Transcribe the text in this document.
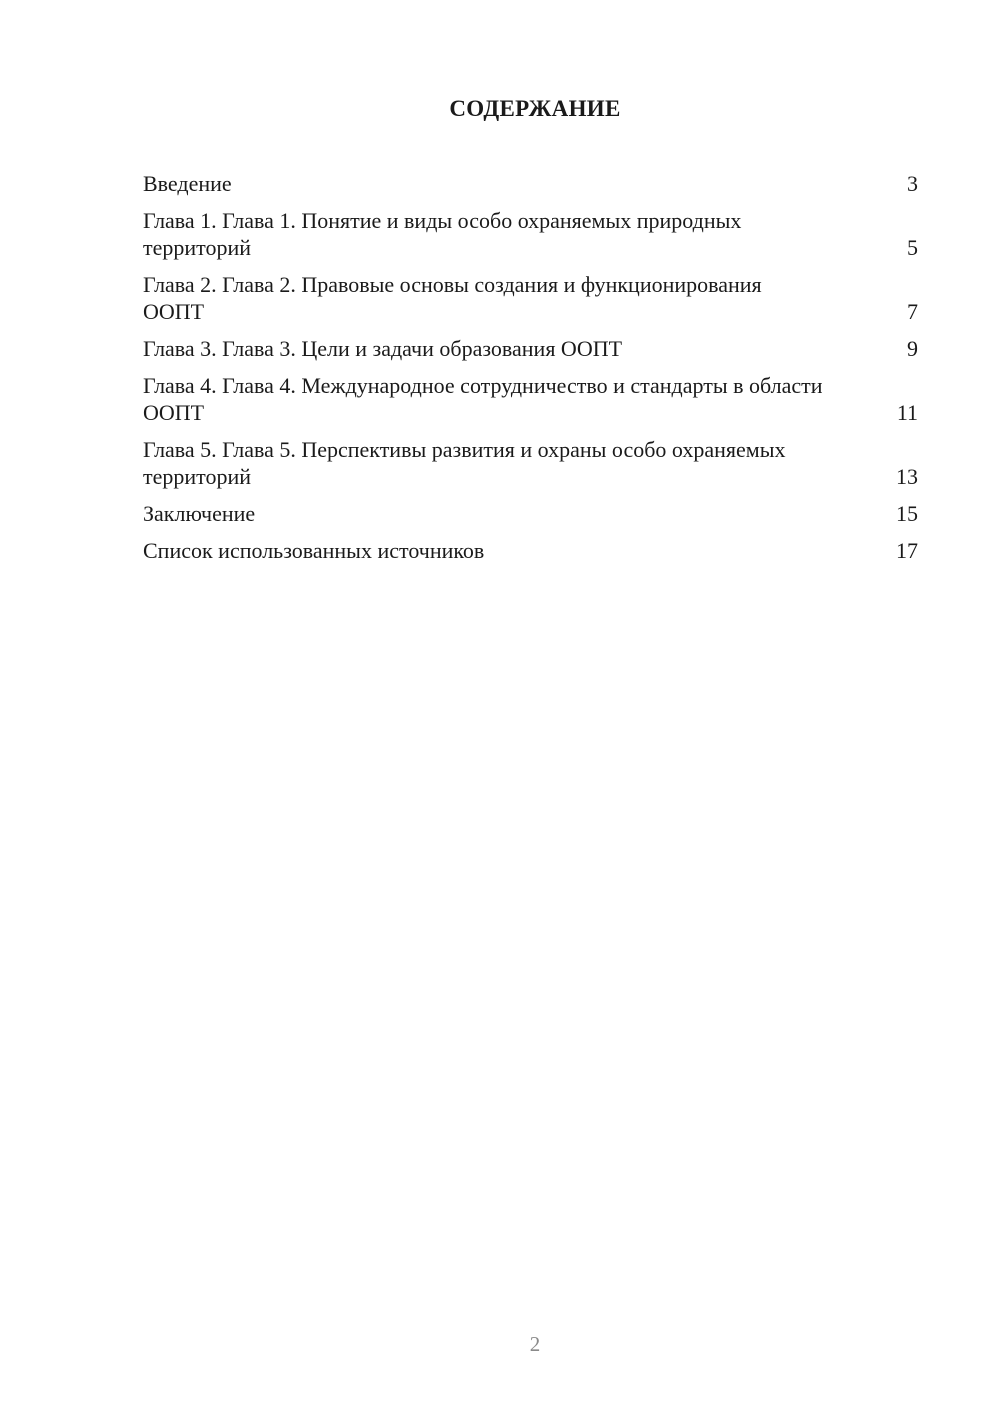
СОДЕРЖАНИЕ
Введение	3
Глава 1. Глава 1. Понятие и виды особо охраняемых природных территорий	5
Глава 2. Глава 2. Правовые основы создания и функционирования ООПТ	7
Глава 3. Глава 3. Цели и задачи образования ООПТ	9
Глава 4. Глава 4. Международное сотрудничество и стандарты в области ООПТ	11
Глава 5. Глава 5. Перспективы развития и охраны особо охраняемых территорий	13
Заключение	15
Список использованных источников	17
2
